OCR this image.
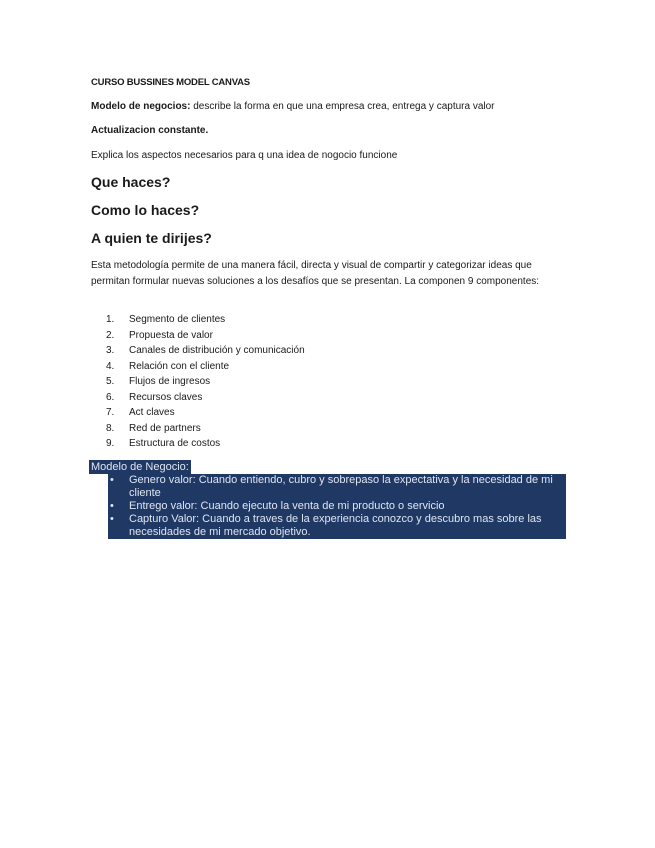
CURSO BUSSINES MODEL CANVAS
Modelo de negocios: describe la forma en que una empresa crea, entrega y captura valor
Actualizacion constante.
Explica los aspectos necesarios para q una idea de nogocio funcione
Que haces?
Como lo haces?
A quien te dirijes?
Esta metodología permite de una manera fácil, directa y visual de compartir y categorizar ideas que permitan formular nuevas soluciones a los desafíos que se presentan. La componen 9 componentes:
1. Segmento de clientes
2. Propuesta de valor
3. Canales de distribución y comunicación
4. Relación con el cliente
5. Flujos de ingresos
6. Recursos claves
7. Act claves
8. Red de partners
9. Estructura de costos
Modelo de Negocio:
• Genero valor: Cuando entiendo, cubro y sobrepaso la expectativa y la necesidad de mi cliente
• Entrego valor: Cuando ejecuto la venta de mi producto o servicio
• Capturo Valor: Cuando a traves de la experiencia conozco y descubro mas sobre las necesidades de mi mercado objetivo.
